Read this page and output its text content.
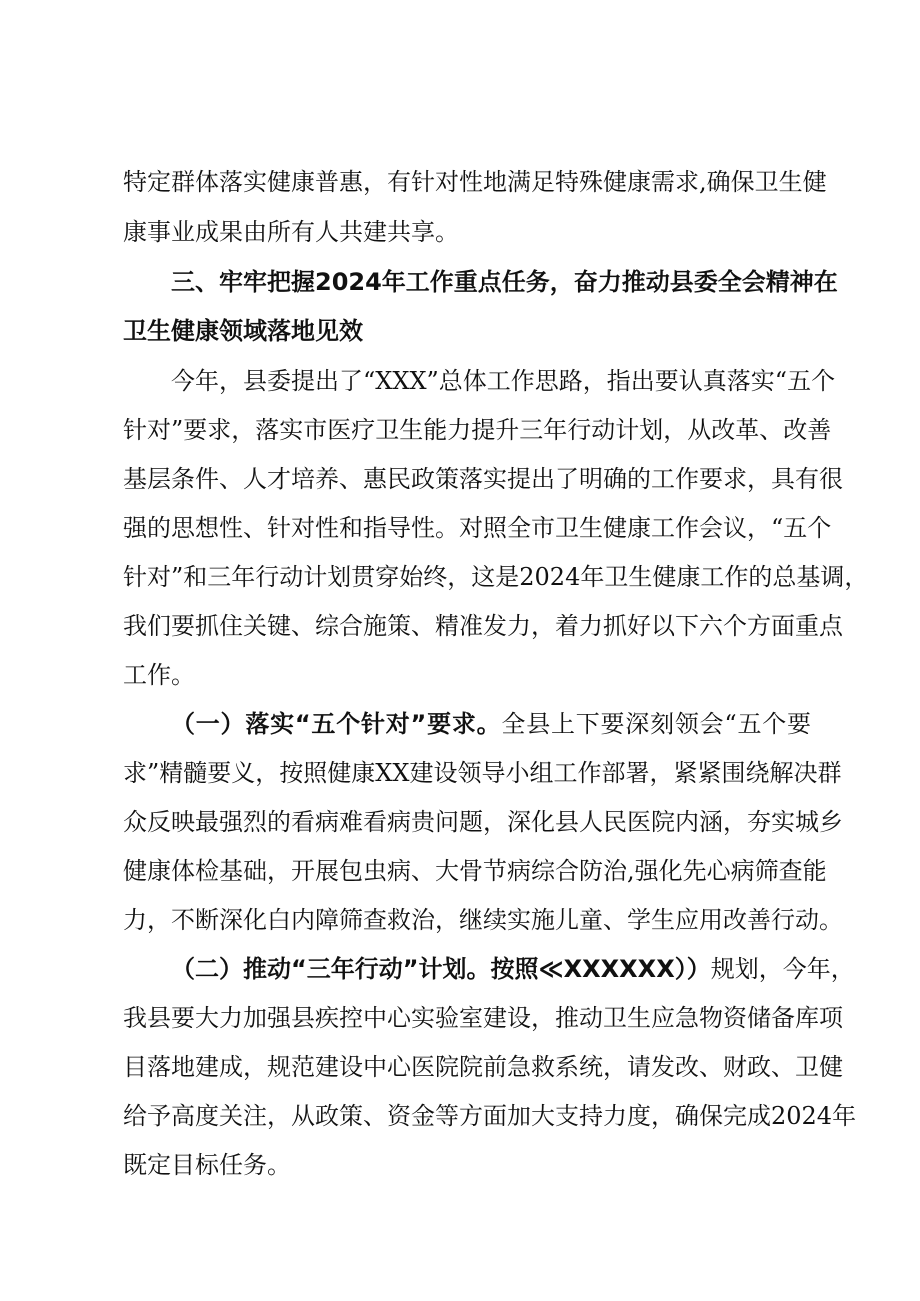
特定群体落实健康普惠，有针对性地满足特殊健康需求,确保卫生健

康事业成果由所有人共建共享。

三、牢牢把握2024年工作重点任务，奋力推动县委全会精神在

卫生健康领域落地见效

今年，县委提出了“XXX”总体工作思路，指出要认真落实“五个

针对”要求，落实市医疗卫生能力提升三年行动计划，从改革、改善

基层条件、人才培养、惠民政策落实提出了明确的工作要求，具有很

强的思想性、针对性和指导性。对照全市卫生健康工作会议，“五个

针对”和三年行动计划贯穿始终，这是2024年卫生健康工作的总基调，

我们要抓住关键、综合施策、精准发力，着力抓好以下六个方面重点

工作。

（一）落实“五个针对”要求。全县上下要深刻领会“五个要

求”精髓要义，按照健康XX建设领导小组工作部署，紧紧围绕解决群

众反映最强烈的看病难看病贵问题，深化县人民医院内涵，夯实城乡

健康体检基础，开展包虫病、大骨节病综合防治,强化先心病筛查能

力，不断深化白内障筛查救治，继续实施儿童、学生应用改善行动。

（二）推动“三年行动”计划。按照≪XXXXXX））规划，今年，

我县要大力加强县疾控中心实验室建设，推动卫生应急物资储备库项

目落地建成，规范建设中心医院院前急救系统，请发改、财政、卫健

给予高度关注，从政策、资金等方面加大支持力度，确保完成2024年

既定目标任务。
